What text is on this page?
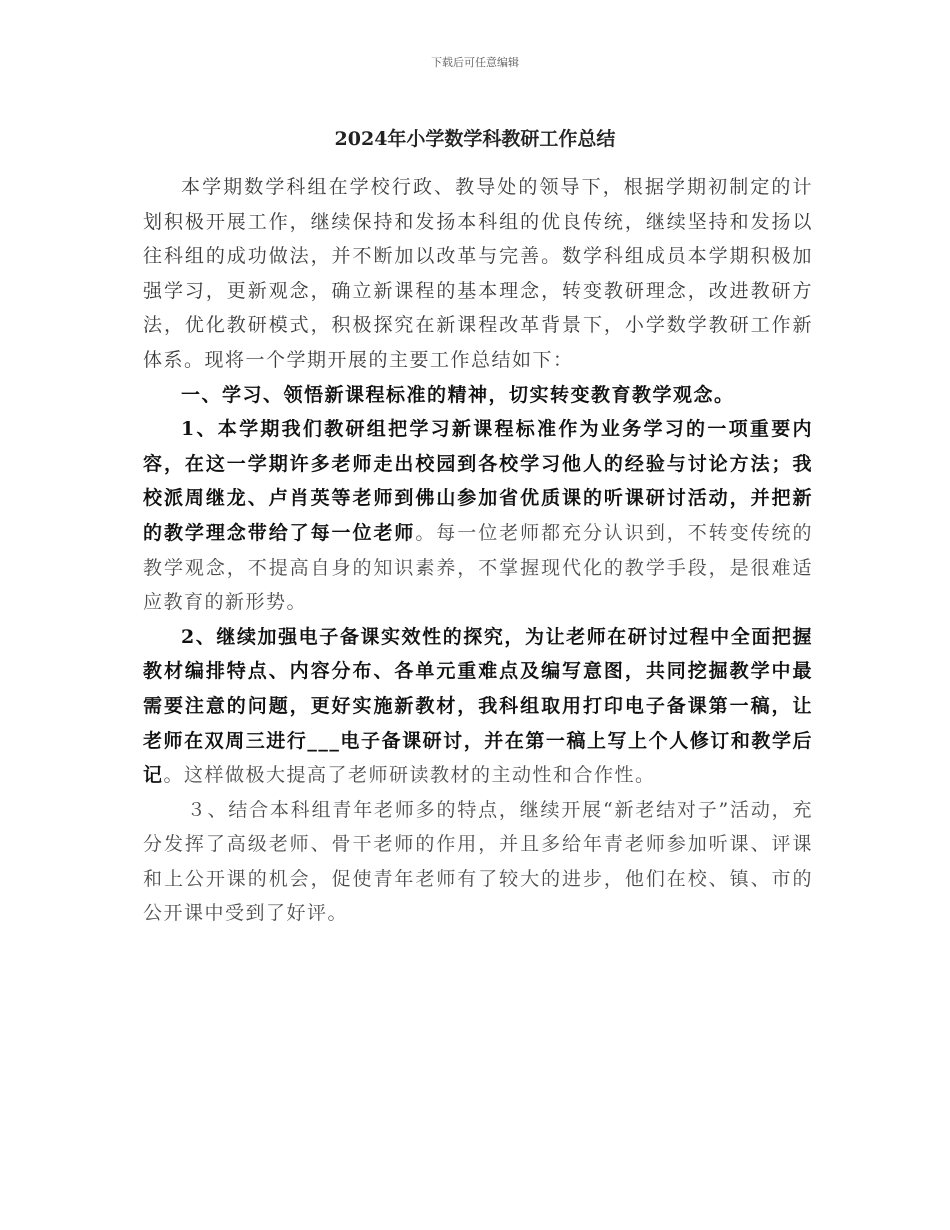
下载后可任意编辑
2024年小学数学科教研工作总结

本学期数学科组在学校行政、教导处的领导下，根据学期初制定的计划积极开展工作，继续保持和发扬本科组的优良传统，继续坚持和发扬以往科组的成功做法，并不断加以改革与完善。数学科组成员本学期积极加强学习，更新观念，确立新课程的基本理念，转变教研理念，改进教研方法，优化教研模式，积极探究在新课程改革背景下，小学数学教研工作新体系。现将一个学期开展的主要工作总结如下：

一、学习、领悟新课程标准的精神，切实转变教育教学观念。

1、本学期我们教研组把学习新课程标准作为业务学习的一项重要内容，在这一学期许多老师走出校园到各校学习他人的经验与讨论方法；我校派周继龙、卢肖英等老师到佛山参加省优质课的听课研讨活动，并把新的教学理念带给了每一位老师。每一位老师都充分认识到，不转变传统的教学观念，不提高自身的知识素养，不掌握现代化的教学手段，是很难适应教育的新形势。

2、继续加强电子备课实效性的探究，为让老师在研讨过程中全面把握教材编排特点、内容分布、各单元重难点及编写意图，共同挖掘教学中最需要注意的问题，更好实施新教材，我科组取用打印电子备课第一稿，让老师在双周三进行___电子备课研讨，并在第一稿上写上个人修订和教学后记。这样做极大提高了老师研读教材的主动性和合作性。

３、结合本科组青年老师多的特点，继续开展“新老结对子”活动，充分发挥了高级老师、骨干老师的作用，并且多给年青老师参加听课、评课和上公开课的机会，促使青年老师有了较大的进步，他们在校、镇、市的公开课中受到了好评。
